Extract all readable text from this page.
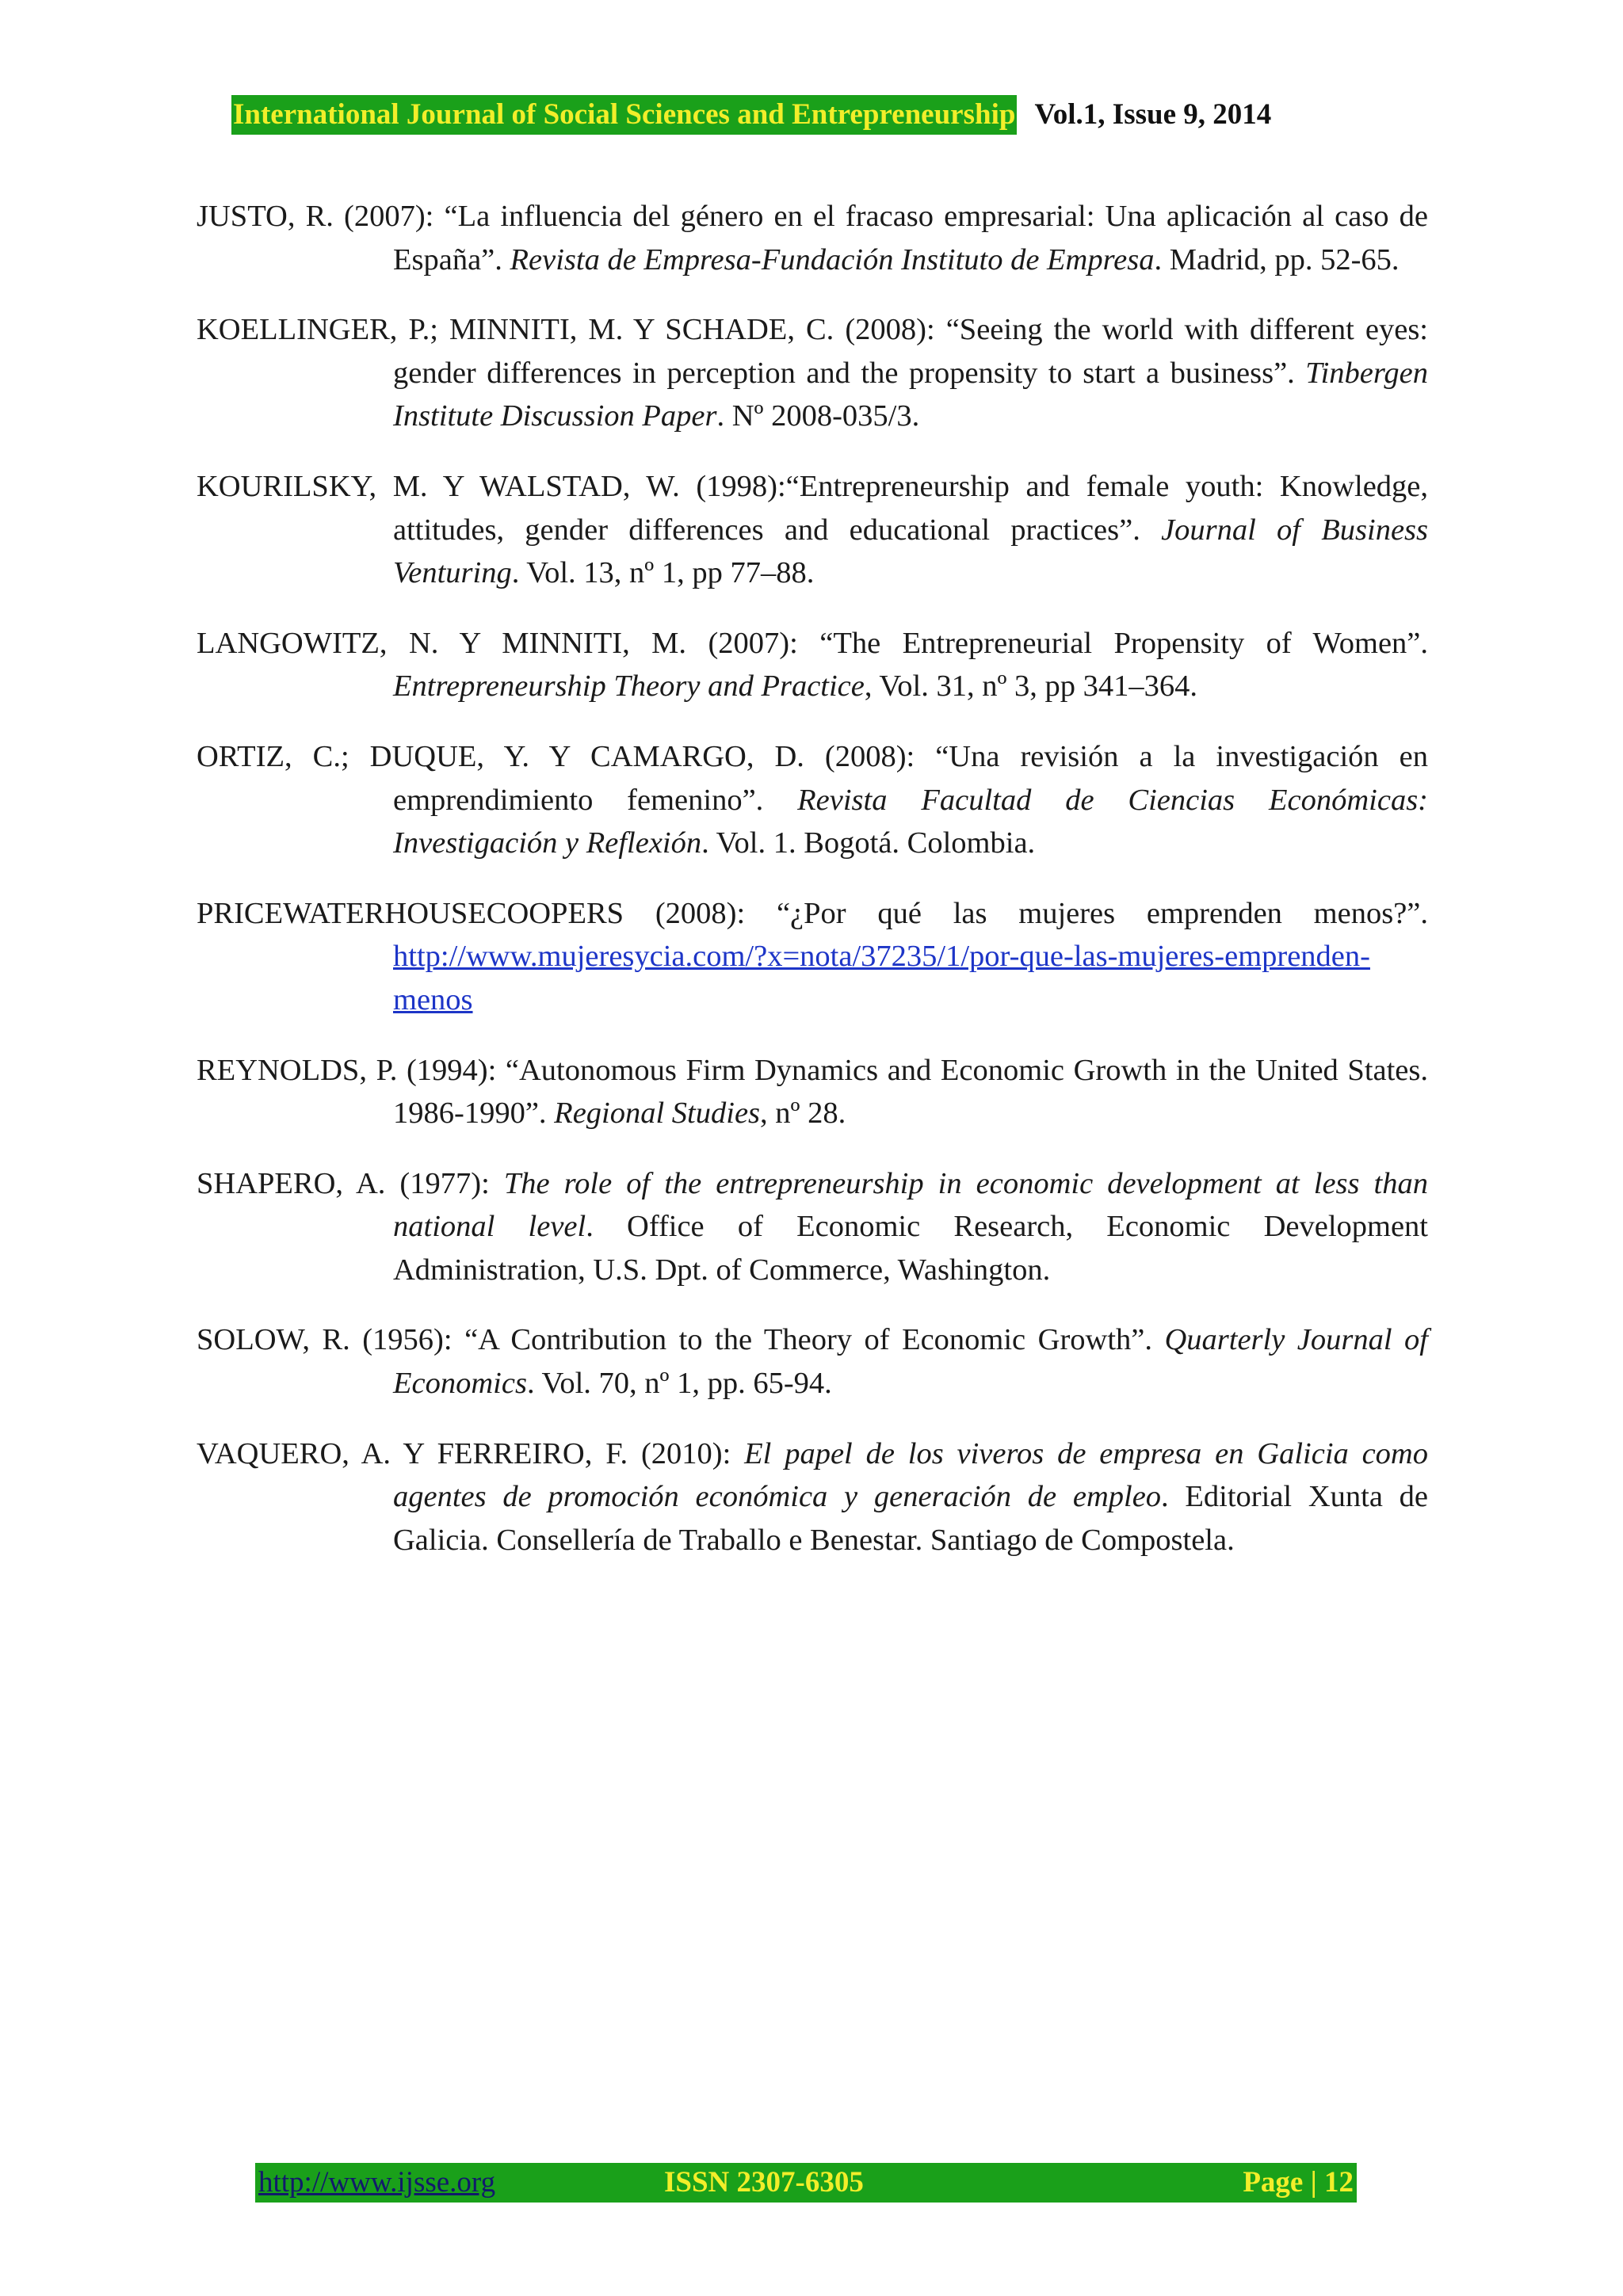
International Journal of Social Sciences and Entrepreneurship Vol.1, Issue 9, 2014

JUSTO, R. (2007): “La influencia del género en el fracaso empresarial: Una aplicación al caso de España”. Revista de Empresa-Fundación Instituto de Empresa. Madrid, pp. 52-65.

KOELLINGER, P.; MINNITI, M. Y SCHADE, C. (2008): “Seeing the world with different eyes: gender differences in perception and the propensity to start a business”. Tinbergen Institute Discussion Paper. Nº 2008-035/3.

KOURILSKY, M. Y WALSTAD, W. (1998):“Entrepreneurship and female youth: Knowledge, attitudes, gender differences and educational practices”. Journal of Business Venturing. Vol. 13, nº 1, pp 77–88.

LANGOWITZ, N. Y MINNITI, M. (2007): “The Entrepreneurial Propensity of Women”. Entrepreneurship Theory and Practice, Vol. 31, nº 3, pp 341–364.

ORTIZ, C.; DUQUE, Y. Y CAMARGO, D. (2008): “Una revisión a la investigación en emprendimiento femenino”. Revista Facultad de Ciencias Económicas: Investigación y Reflexión. Vol. 1. Bogotá. Colombia.

PRICEWATERHOUSECOOPERS (2008): “¿Por qué las mujeres emprenden menos?”. http://www.mujeresycia.com/?x=nota/37235/1/por-que-las-mujeres-emprenden-menos

REYNOLDS, P. (1994): “Autonomous Firm Dynamics and Economic Growth in the United States. 1986-1990”. Regional Studies, nº 28.

SHAPERO, A. (1977): The role of the entrepreneurship in economic development at less than national level. Office of Economic Research, Economic Development Administration, U.S. Dpt. of Commerce, Washington.

SOLOW, R. (1956): “A Contribution to the Theory of Economic Growth”. Quarterly Journal of Economics. Vol. 70, nº 1, pp. 65-94.

VAQUERO, A. Y FERREIRO, F. (2010): El papel de los viveros de empresa en Galicia como agentes de promoción económica y generación de empleo. Editorial Xunta de Galicia. Consellería de Traballo e Benestar. Santiago de Compostela.

http://www.ijsse.org	ISSN 2307-6305	Page | 12
